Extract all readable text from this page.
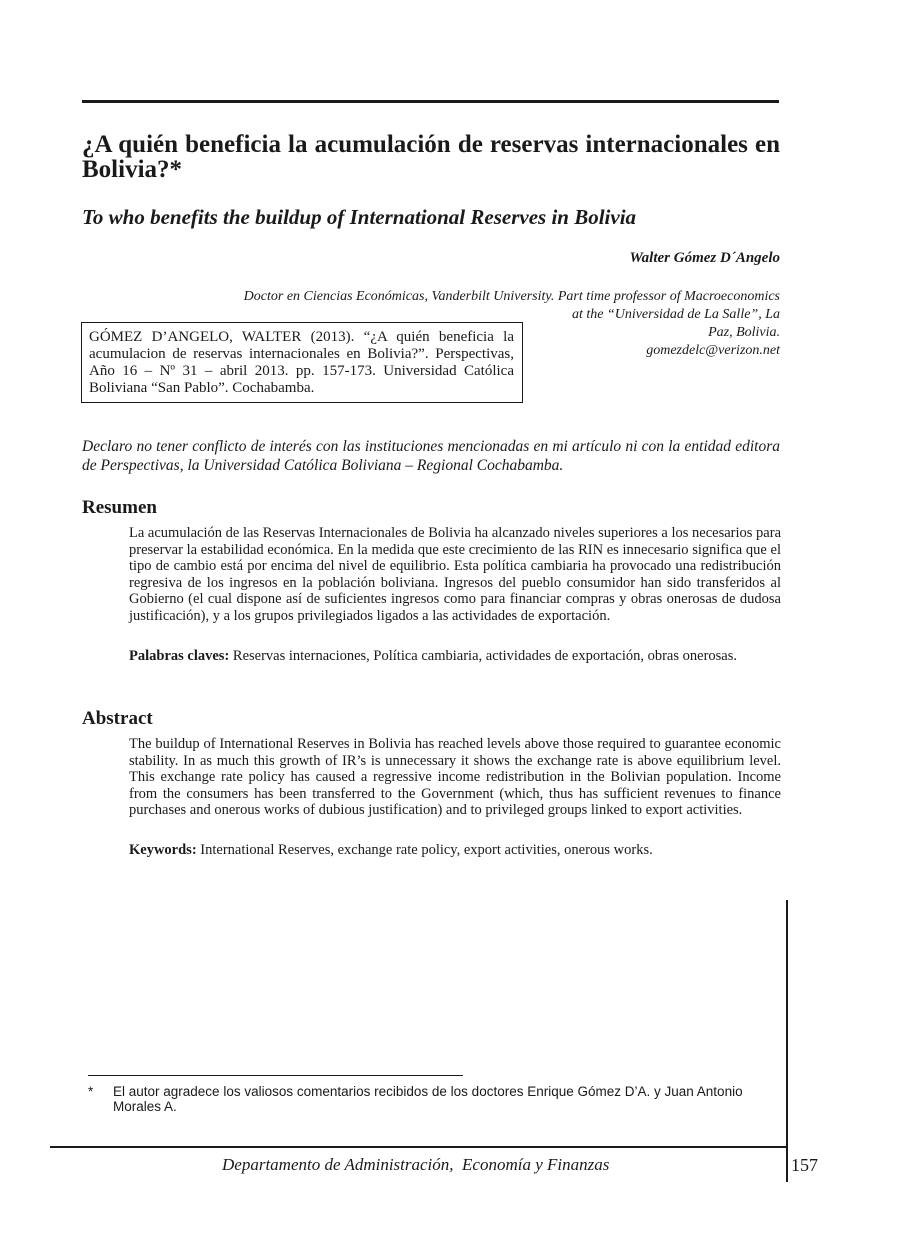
¿A quién beneficia la acumulación de reservas internacionales en Bolivia?*
To who benefits the buildup of International Reserves in Bolivia
Walter Gómez D´Angelo
Doctor en Ciencias Económicas, Vanderbilt University. Part time professor of Macroeconomics
at the “Universidad de La Salle”, La
Paz, Bolivia.
gomezdelc@verizon.net
GÓMEZ D’ANGELO, WALTER (2013). “¿A quién beneficia la acumulacion de reservas internacionales en Bolivia?”. Perspectivas, Año 16 – Nº 31 – abril 2013. pp. 157-173. Universidad Católica Boliviana “San Pablo”. Cochabamba.
Declaro no tener conflicto de interés con las instituciones mencionadas en mi artículo ni con la entidad editora de Perspectivas, la Universidad Católica Boliviana – Regional Cochabamba.
Resumen
La acumulación de las Reservas Internacionales de Bolivia ha alcanzado niveles superiores a los necesarios para preservar la estabilidad económica. En la medida que este crecimiento de las RIN es innecesario significa que el tipo de cambio está por encima del nivel de equilibrio. Esta política cambiaria ha provocado una redistribución regresiva de los ingresos en la población boliviana. Ingresos del pueblo consumidor han sido transferidos al Gobierno (el cual dispone así de suficientes ingresos como para financiar compras y obras onerosas de dudosa justificación), y a los grupos privilegiados ligados a las actividades de exportación.
Palabras claves: Reservas internaciones, Política cambiaria, actividades de exportación, obras onerosas.
Abstract
The buildup of International Reserves in Bolivia has reached levels above those required to guarantee economic stability. In as much this growth of IR’s is unnecessary it shows the exchange rate is above equilibrium level. This exchange rate policy has caused a regressive income redistribution in the Bolivian population. Income from the consumers has been transferred to the Government (which, thus has sufficient revenues to finance purchases and onerous works of dubious justification) and to privileged groups linked to export activities.
Keywords: International Reserves, exchange rate policy, export activities, onerous works.
* El autor agradece los valiosos comentarios recibidos de los doctores Enrique Gómez D’A. y Juan Antonio Morales A.
Departamento de Administración,  Economía y Finanzas	157
